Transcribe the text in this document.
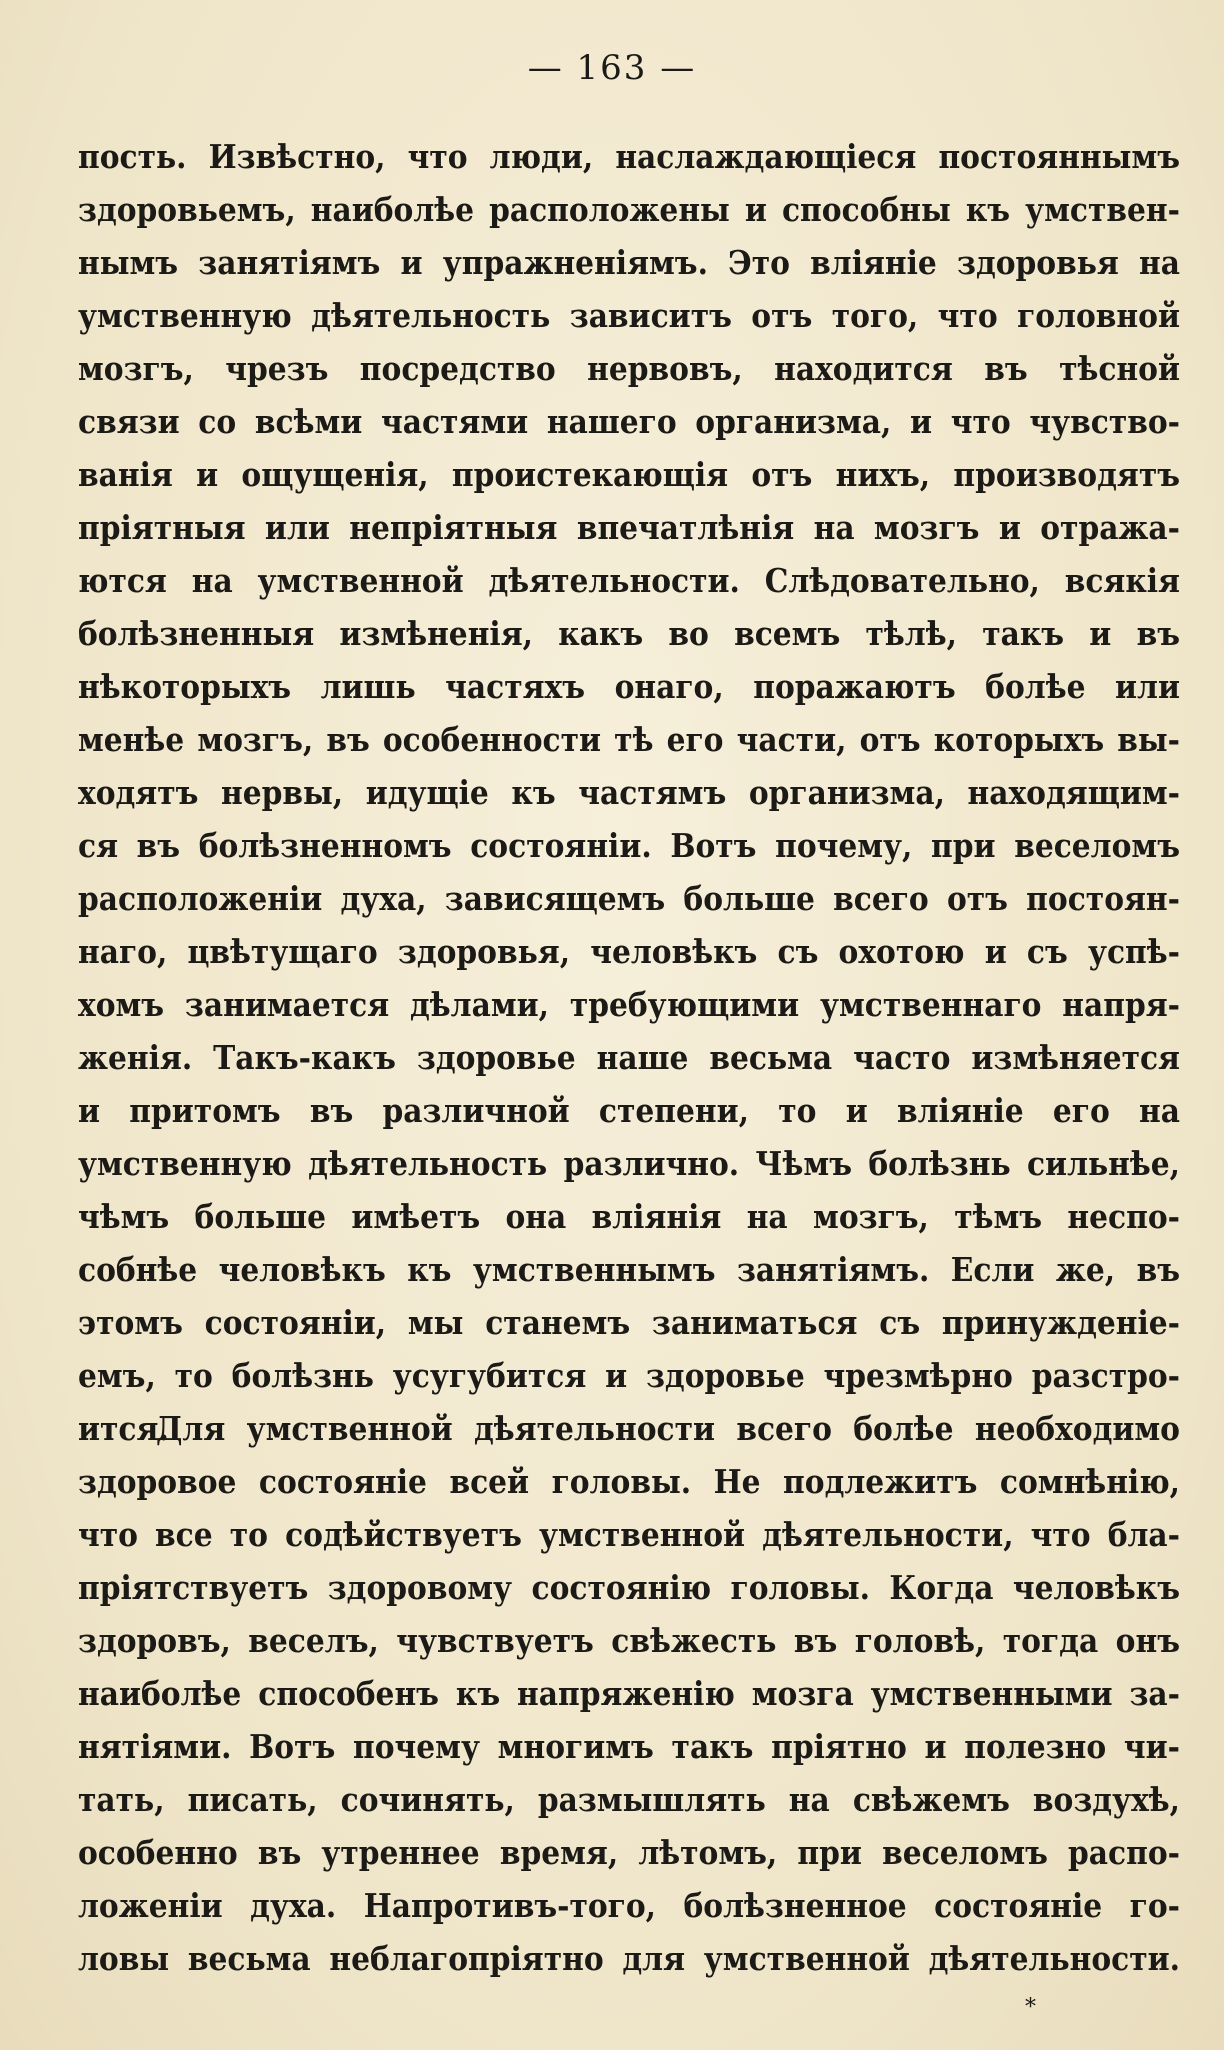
— 163 —
пость. Извѣстно, что люди, наслаждающіеся постояннымъ
здоровьемъ, наиболѣе расположены и способны къ умствен-
нымъ занятіямъ и упражненіямъ. Это вліяніе здоровья на
умственную дѣятельность зависитъ отъ того, что головной
мозгъ, чрезъ посредство нервовъ, находится въ тѣсной
связи со всѣми частями нашего организма, и что чувство-
ванія и ощущенія, проистекающія отъ нихъ, производятъ
пріятныя или непріятныя впечатлѣнія на мозгъ и отража-
ются на умственной дѣятельности. Слѣдовательно, всякія
болѣзненныя измѣненія, какъ во всемъ тѣлѣ, такъ и въ
нѣкоторыхъ лишь частяхъ онаго, поражаютъ болѣе или
менѣе мозгъ, въ особенности тѣ его части, отъ которыхъ вы-
ходятъ нервы, идущіе къ частямъ организма, находящим-
ся въ болѣзненномъ состояніи. Вотъ почему, при веселомъ
расположеніи духа, зависящемъ больше всего отъ постоян-
наго, цвѣтущаго здоровья, человѣкъ съ охотою и съ успѣ-
хомъ занимается дѣлами, требующими умственнаго напря-
женія. Такъ-какъ здоровье наше весьма часто измѣняется
и притомъ въ различной степени, то и вліяніе его на
умственную дѣятельность различно. Чѣмъ болѣзнь сильнѣе,
чѣмъ больше имѣетъ она вліянія на мозгъ, тѣмъ неспо-
собнѣе человѣкъ къ умственнымъ занятіямъ. Если же, въ
этомъ состояніи, мы станемъ заниматься съ принужденіе-
емъ, то болѣзнь усугубится и здоровье чрезмѣрно разстро-
ится.
Для умственной дѣятельности всего болѣе необходимо
здоровое состояніе всей головы. Не подлежитъ сомнѣнію,
что все то содѣйствуетъ умственной дѣятельности, что бла-
пріятствуетъ здоровому состоянію головы. Когда человѣкъ
здоровъ, веселъ, чувствуетъ свѣжесть въ головѣ, тогда онъ
наиболѣе способенъ къ напряженію мозга умственными за-
нятіями. Вотъ почему многимъ такъ пріятно и полезно чи-
тать, писать, сочинять, размышлять на свѣжемъ воздухѣ,
особенно въ утреннее время, лѣтомъ, при веселомъ распо-
ложеніи духа. Напротивъ-того, болѣзненное состояніе го-
ловы весьма неблагопріятно для умственной дѣятельности.
*
